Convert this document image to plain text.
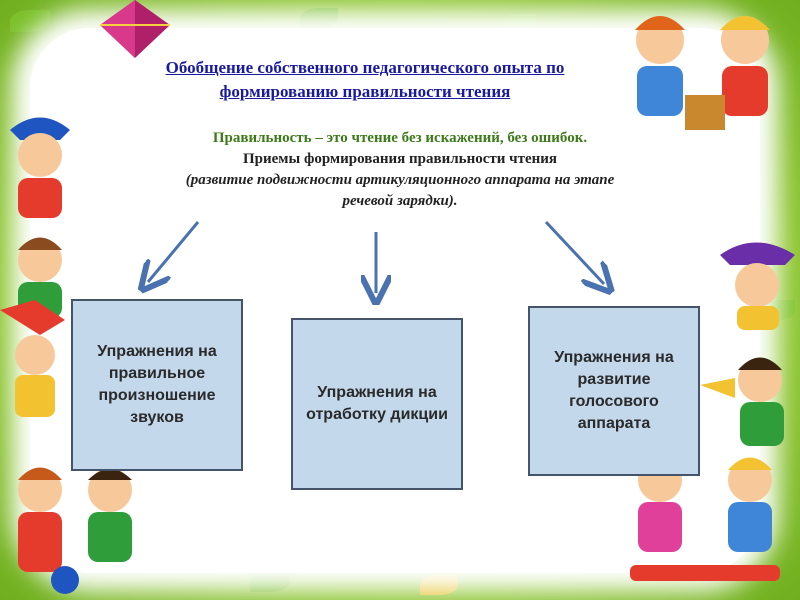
Обобщение собственного педагогического опыта по
формированию правильности чтения
Правильность – это чтение без искажений, без ошибок.
Приемы формирования правильности чтения
(развитие подвижности артикуляционного аппарата на этапе
речевой зарядки).
Упражнения на правильное произношение звуков
Упражнения на отработку дикции
Упражнения на развитие голосового аппарата
